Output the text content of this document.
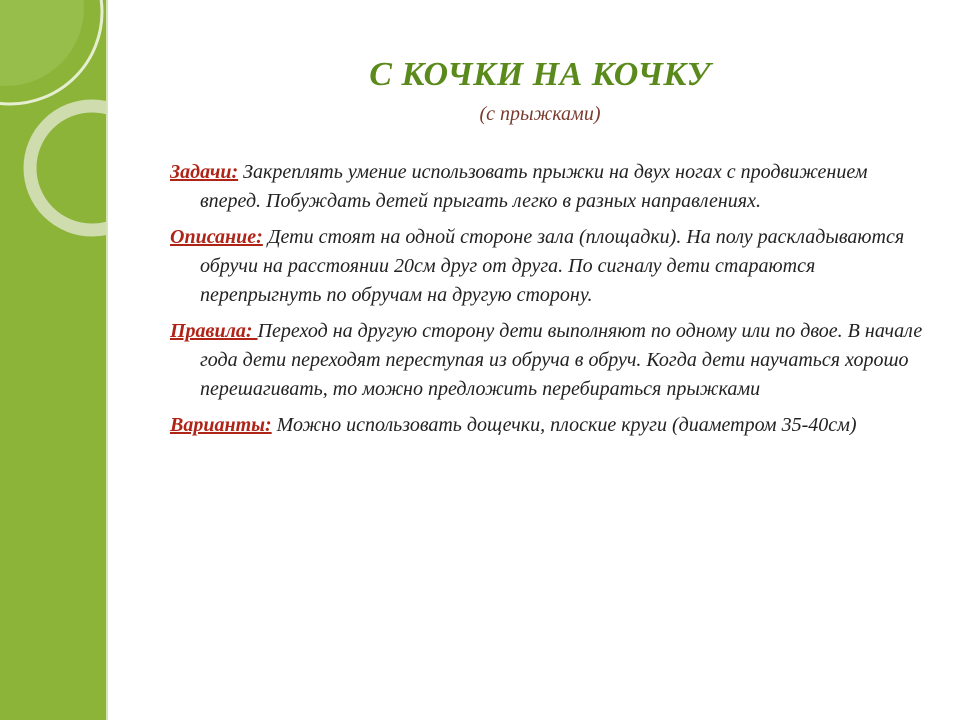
С КОЧКИ НА КОЧКУ
(с прыжками)

Задачи: Закреплять умение использовать прыжки на двух ногах с продвижением вперед. Побуждать детей прыгать легко в разных направлениях.

Описание: Дети стоят на одной стороне зала (площадки). На полу раскладываются обручи на расстоянии 20см друг от друга. По сигналу дети стараются перепрыгнуть по обручам на другую сторону.

Правила: Переход на другую сторону дети выполняют по одному или по двое. В начале года дети переходят переступая из обруча в обруч. Когда дети научаться хорошо перешагивать, то можно предложить перебираться прыжками

Варианты: Можно использовать дощечки, плоские круги (диаметром 35-40см)
